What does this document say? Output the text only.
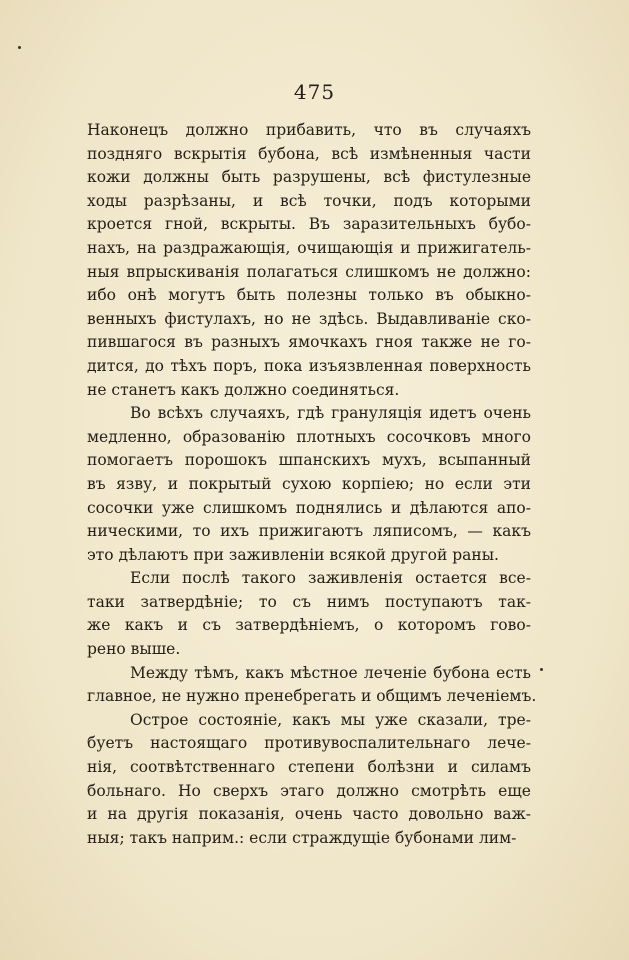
475
Наконецъ должно прибавить, что въ случаяхъ
поздняго вскрытія бубона, всѣ измѣненныя части
кожи должны быть разрушены, всѣ фистулезные
ходы разрѣзаны, и всѣ точки, подъ которыми
кроется гной, вскрыты. Въ заразительныхъ бубо-
нахъ, на раздражающія, очищающія и прижигатель-
ныя впрыскиванія полагаться слишкомъ не должно:
ибо онѣ могутъ быть полезны только въ обыкно-
венныхъ фистулахъ, но не здѣсь. Выдавливаніе ско-
пившагося въ разныхъ ямочкахъ гноя также не го-
дится, до тѣхъ поръ, пока изъязвленная поверхность
не станетъ какъ должно соединяться.
Во всѣхъ случаяхъ, гдѣ грануляція идетъ очень
медленно, образованію плотныхъ сосочковъ много
помогаетъ порошокъ шпанскихъ мухъ, всыпанный
въ язву, и покрытый сухою корпіею; но если эти
сосочки уже слишкомъ поднялись и дѣлаются апо-
ническими, то ихъ прижигаютъ ляписомъ, — какъ
это дѣлаютъ при заживленіи всякой другой раны.
Если послѣ такого заживленія остается все-
таки затвердѣніе; то съ нимъ поступаютъ так-
же какъ и съ затвердѣніемъ, о которомъ гово-
рено выше.
Между тѣмъ, какъ мѣстное леченіе бубона есть
главное, не нужно пренебрегать и общимъ леченіемъ.
Острое состояніе, какъ мы уже сказали, тре-
буетъ настоящаго противувоспалительнаго лече-
нія, соотвѣтственнаго степени болѣзни и силамъ
больнаго. Но сверхъ этаго должно смотрѣть еще
и на другія показанія, очень часто довольно важ-
ныя; такъ наприм.: если страждущіе бубонами лим-
